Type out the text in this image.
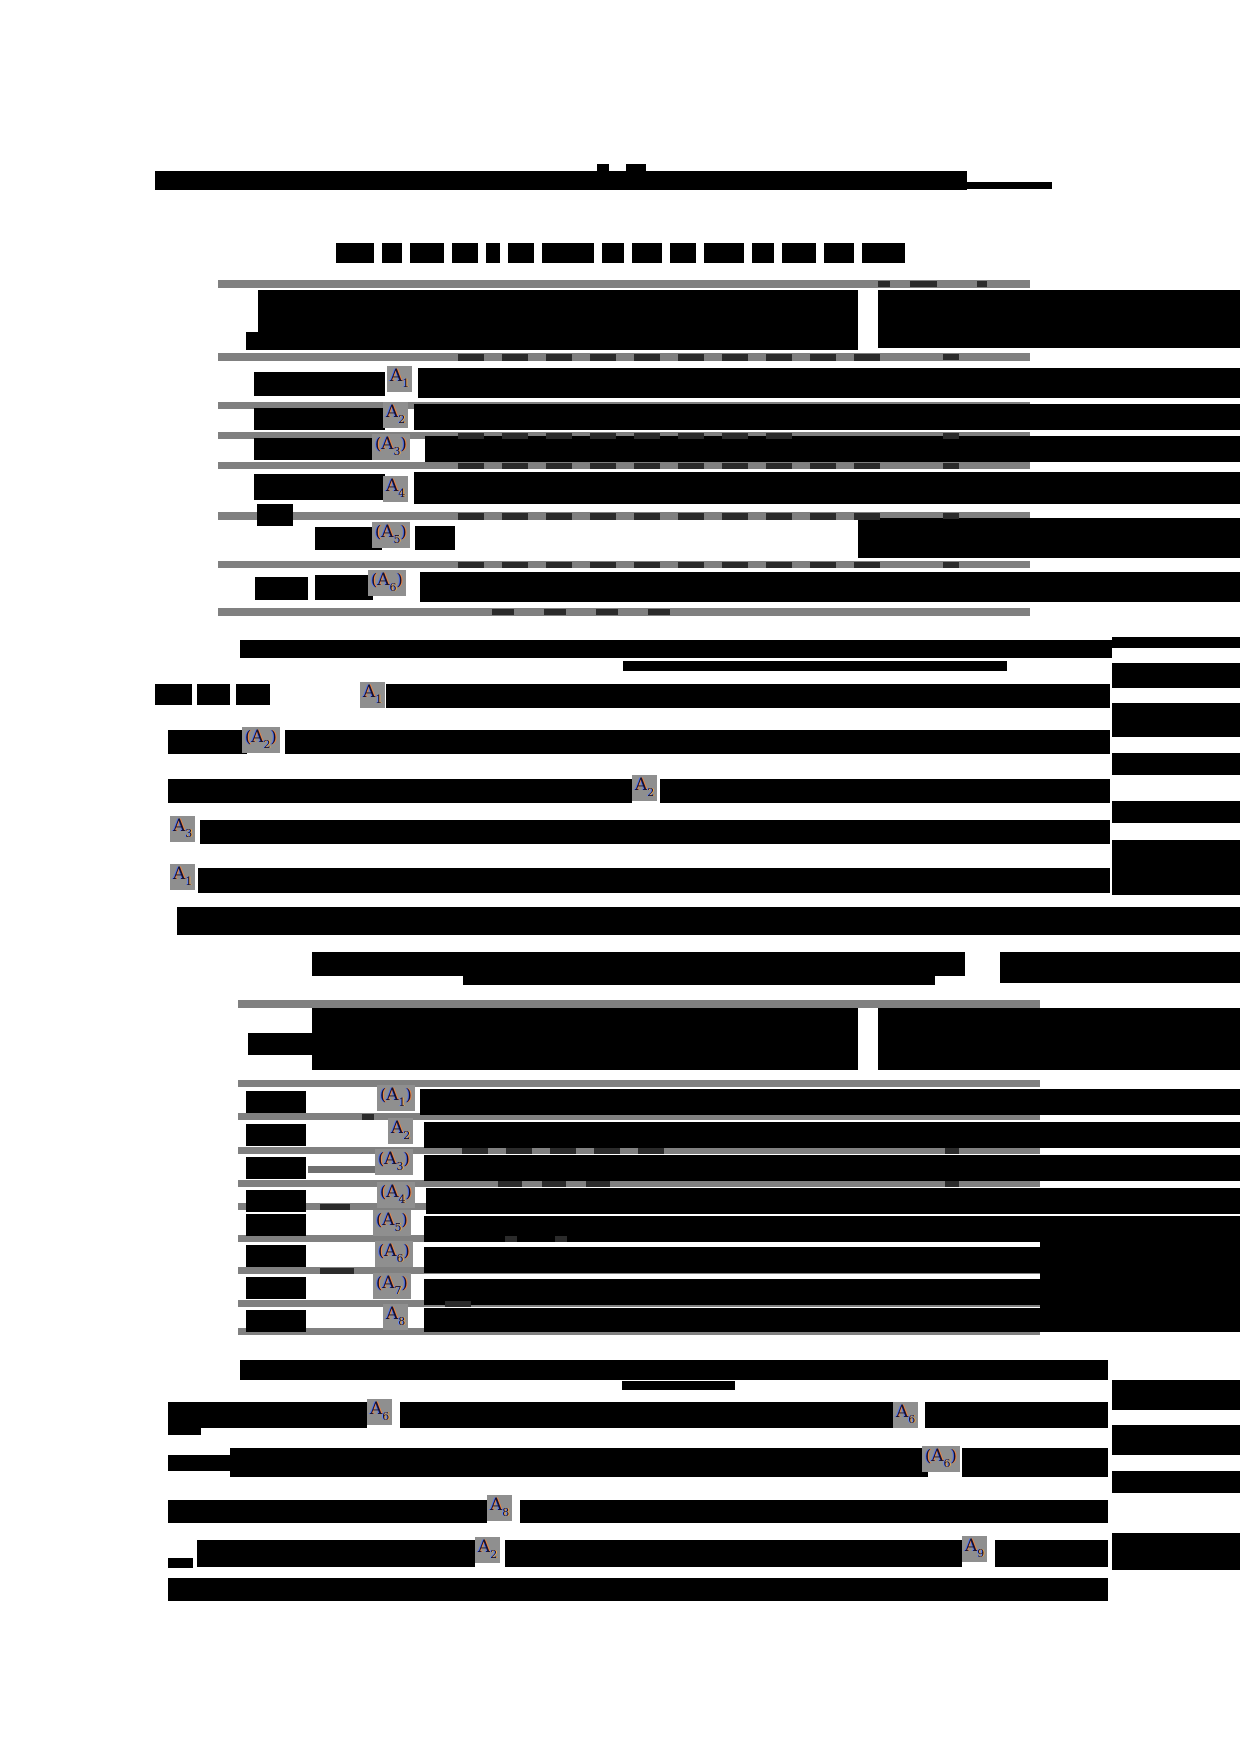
A 1
A 2
( A 3 )
A 4
( A 5 )
( A 6 )
A 1
( A 2 )
A 2
A 3
A 1
( A 1 )
A 2
( A 3 )
( A 4 )
( A 5 )
( A 6 )
( A 7 )
A 8
A 6	A 6
( A 6 )
A 8
A 2	A 9
